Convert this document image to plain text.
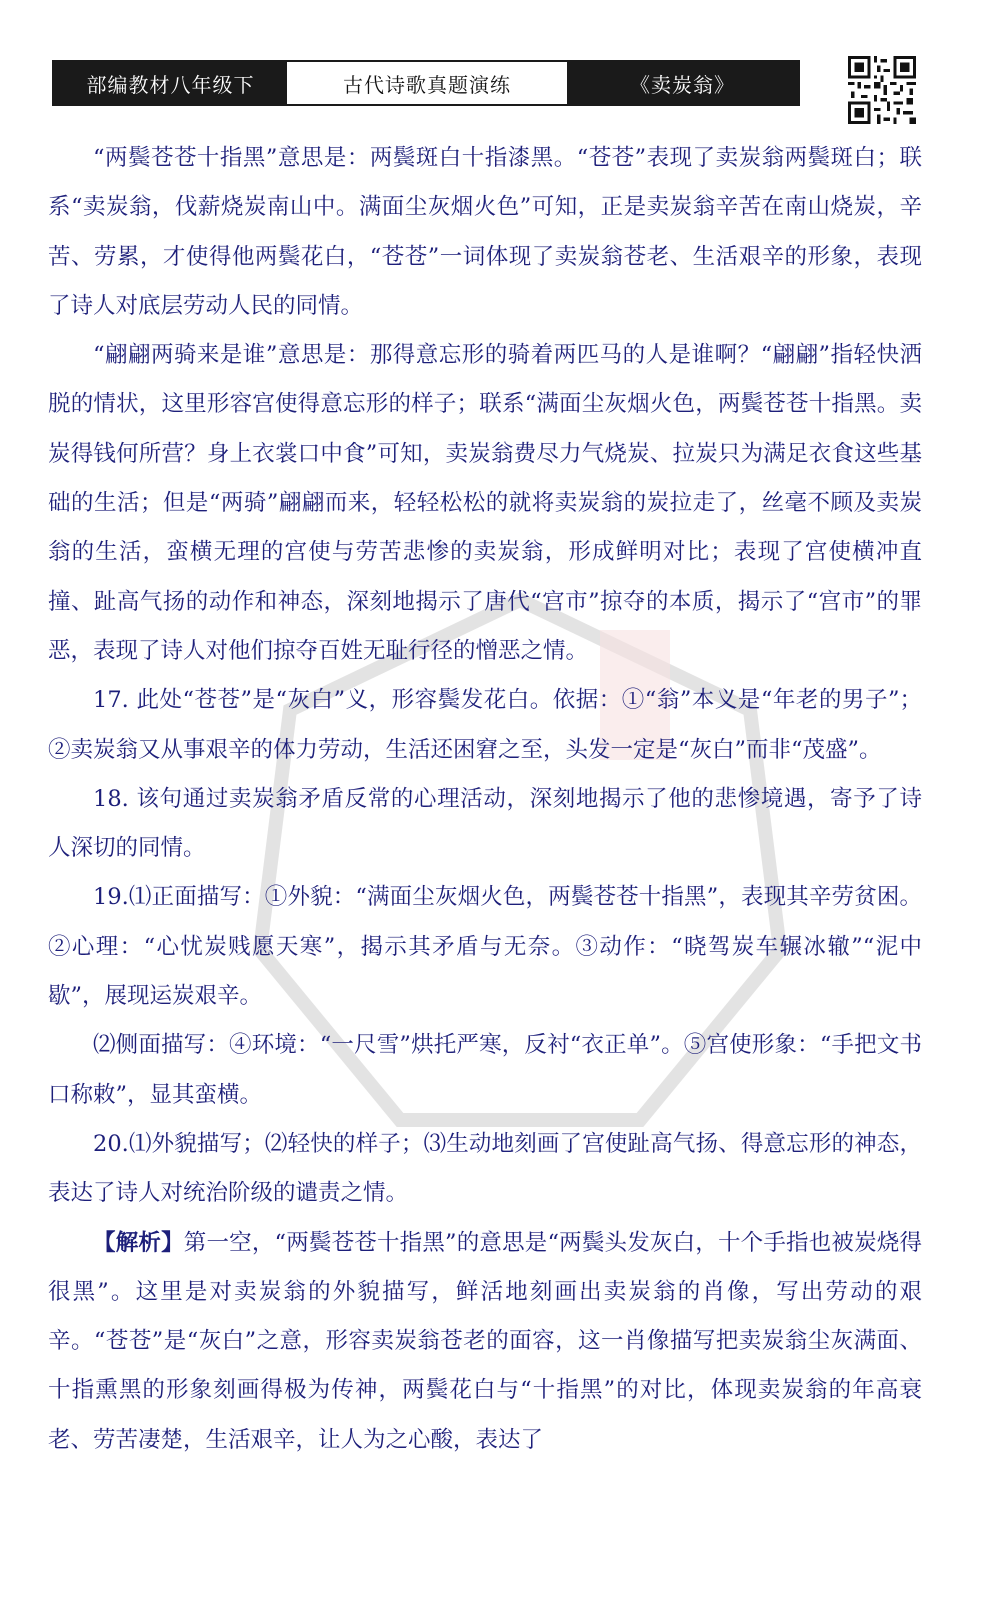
部编教材八年级下	古代诗歌真题演练	《卖炭翁》

“两鬓苍苍十指黑”意思是：两鬓斑白十指漆黑。“苍苍”表现了卖炭翁两鬓斑白；联系“卖炭翁，伐薪烧炭南山中。满面尘灰烟火色”可知，正是卖炭翁辛苦在南山烧炭，辛苦、劳累，才使得他两鬓花白，“苍苍”一词体现了卖炭翁苍老、生活艰辛的形象，表现了诗人对底层劳动人民的同情。

“翩翩两骑来是谁”意思是：那得意忘形的骑着两匹马的人是谁啊？“翩翩”指轻快洒脱的情状，这里形容宫使得意忘形的样子；联系“满面尘灰烟火色，两鬓苍苍十指黑。卖炭得钱何所营？身上衣裳口中食”可知，卖炭翁费尽力气烧炭、拉炭只为满足衣食这些基础的生活；但是“两骑”翩翩而来，轻轻松松的就将卖炭翁的炭拉走了，丝毫不顾及卖炭翁的生活，蛮横无理的宫使与劳苦悲惨的卖炭翁，形成鲜明对比；表现了宫使横冲直撞、趾高气扬的动作和神态，深刻地揭示了唐代“宫市”掠夺的本质，揭示了“宫市”的罪恶，表现了诗人对他们掠夺百姓无耻行径的憎恶之情。

17. 此处“苍苍”是“灰白”义，形容鬓发花白。依据：①“翁”本义是“年老的男子”；②卖炭翁又从事艰辛的体力劳动，生活还困窘之至，头发一定是“灰白”而非“茂盛”。

18. 该句通过卖炭翁矛盾反常的心理活动，深刻地揭示了他的悲惨境遇，寄予了诗人深切的同情。

19.⑴正面描写：①外貌：“满面尘灰烟火色，两鬓苍苍十指黑”，表现其辛劳贫困。②心理：“心忧炭贱愿天寒”，揭示其矛盾与无奈。③动作：“晓驾炭车辗冰辙”“泥中歇”，展现运炭艰辛。

⑵侧面描写：④环境：“一尺雪”烘托严寒，反衬“衣正单”。⑤宫使形象：“手把文书口称敕”，显其蛮横。

20.⑴外貌描写；⑵轻快的样子；⑶生动地刻画了宫使趾高气扬、得意忘形的神态，表达了诗人对统治阶级的谴责之情。

【解析】第一空，“两鬓苍苍十指黑”的意思是“两鬓头发灰白，十个手指也被炭烧得很黑”。这里是对卖炭翁的外貌描写，鲜活地刻画出卖炭翁的肖像，写出劳动的艰辛。“苍苍”是“灰白”之意，形容卖炭翁苍老的面容，这一肖像描写把卖炭翁尘灰满面、十指熏黑的形象刻画得极为传神，两鬓花白与“十指黑”的对比，体现卖炭翁的年高衰老、劳苦凄楚，生活艰辛，让人为之心酸，表达了
